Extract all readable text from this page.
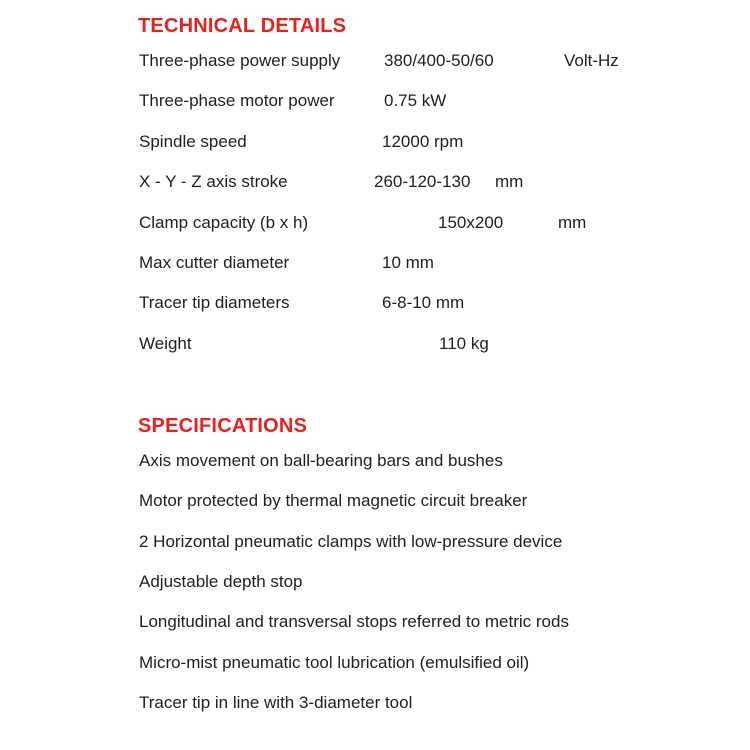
TECHNICAL DETAILS
Three-phase power supply	380/400-50/60	Volt-Hz
Three-phase motor power	0.75 kW
Spindle speed	12000 rpm
X - Y - Z axis stroke	260-120-130 mm
Clamp capacity (b x h)	150x200	mm
Max cutter diameter	10 mm
Tracer tip diameters	6-8-10 mm
Weight	110 kg
SPECIFICATIONS
Axis movement on ball-bearing bars and bushes
Motor protected by thermal magnetic circuit breaker
2 Horizontal pneumatic clamps with low-pressure device
Adjustable depth stop
Longitudinal and transversal stops referred to metric rods
Micro-mist pneumatic tool lubrication (emulsified oil)
Tracer tip in line with 3-diameter tool
